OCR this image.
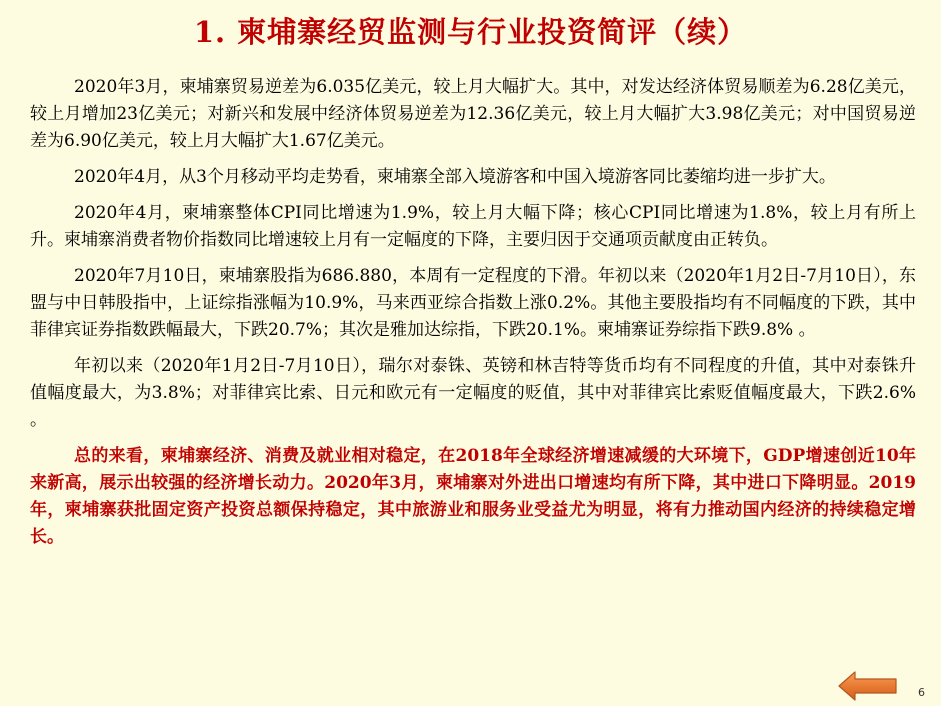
1. 柬埔寨经贸监测与行业投资简评（续）

2020年3月，柬埔寨贸易逆差为6.035亿美元，较上月大幅扩大。其中，对发达经济体贸易顺差为6.28亿美元，较上月增加23亿美元；对新兴和发展中经济体贸易逆差为12.36亿美元，较上月大幅扩大3.98亿美元；对中国贸易逆差为6.90亿美元，较上月大幅扩大1.67亿美元。

2020年4月，从3个月移动平均走势看，柬埔寨全部入境游客和中国入境游客同比萎缩均进一步扩大。

2020年4月，柬埔寨整体CPI同比增速为1.9%，较上月大幅下降；核心CPI同比增速为1.8%，较上月有所上升。柬埔寨消费者物价指数同比增速较上月有一定幅度的下降，主要归因于交通项贡献度由正转负。

2020年7月10日，柬埔寨股指为686.880，本周有一定程度的下滑。年初以来（2020年1月2日-7月10日），东盟与中日韩股指中，上证综指涨幅为10.9%，马来西亚综合指数上涨0.2%。其他主要股指均有不同幅度的下跌，其中菲律宾证券指数跌幅最大，下跌20.7%；其次是雅加达综指，下跌20.1%。柬埔寨证券综指下跌9.8% 。

年初以来（2020年1月2日-7月10日），瑞尔对泰铢、英镑和林吉特等货币均有不同程度的升值，其中对泰铢升值幅度最大，为3.8%；对菲律宾比索、日元和欧元有一定幅度的贬值，其中对菲律宾比索贬值幅度最大，下跌2.6% 。

总的来看，柬埔寨经济、消费及就业相对稳定，在2018年全球经济增速减缓的大环境下，GDP增速创近10年来新高，展示出较强的经济增长动力。2020年3月，柬埔寨对外进出口增速均有所下降，其中进口下降明显。2019年，柬埔寨获批固定资产投资总额保持稳定，其中旅游业和服务业受益尤为明显，将有力推动国内经济的持续稳定增长。

6
